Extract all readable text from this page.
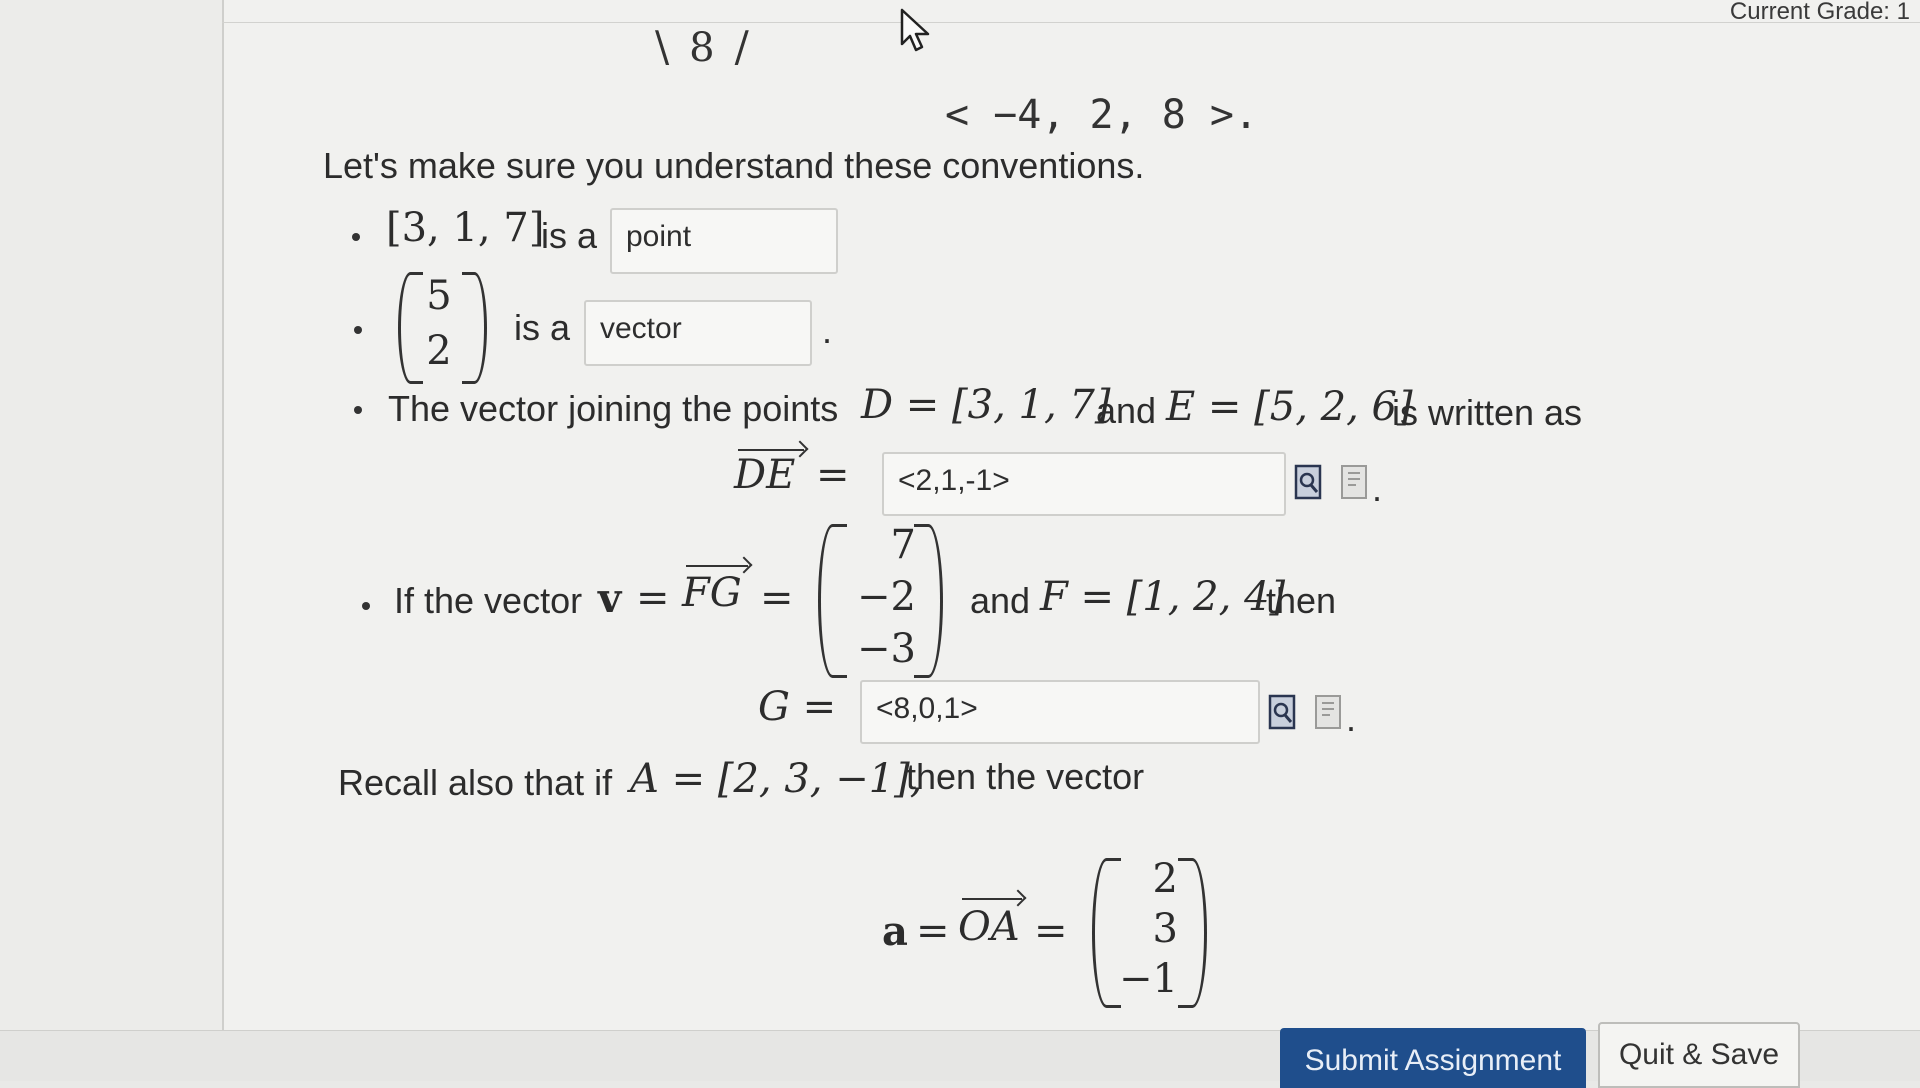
Current Grade: 1
\ 8 /
< −4, 2, 8 >.
Let's make sure you understand these conventions.
[3, 1, 7]
is a point
5
2
is a vector	.
The vector joining the points D = [3, 1, 7]
and E = [5, 2, 6]
is written as
DE =	<2,1,-1>	.
If the vector v = FG =
7
−2
−3
and F = [1, 2, 4]
then
G =	<8,0,1>	.
Recall also that if A = [2, 3, −1],
then the vector
a = OA =
2
3
−1
Submit Assignment	Quit & Save
